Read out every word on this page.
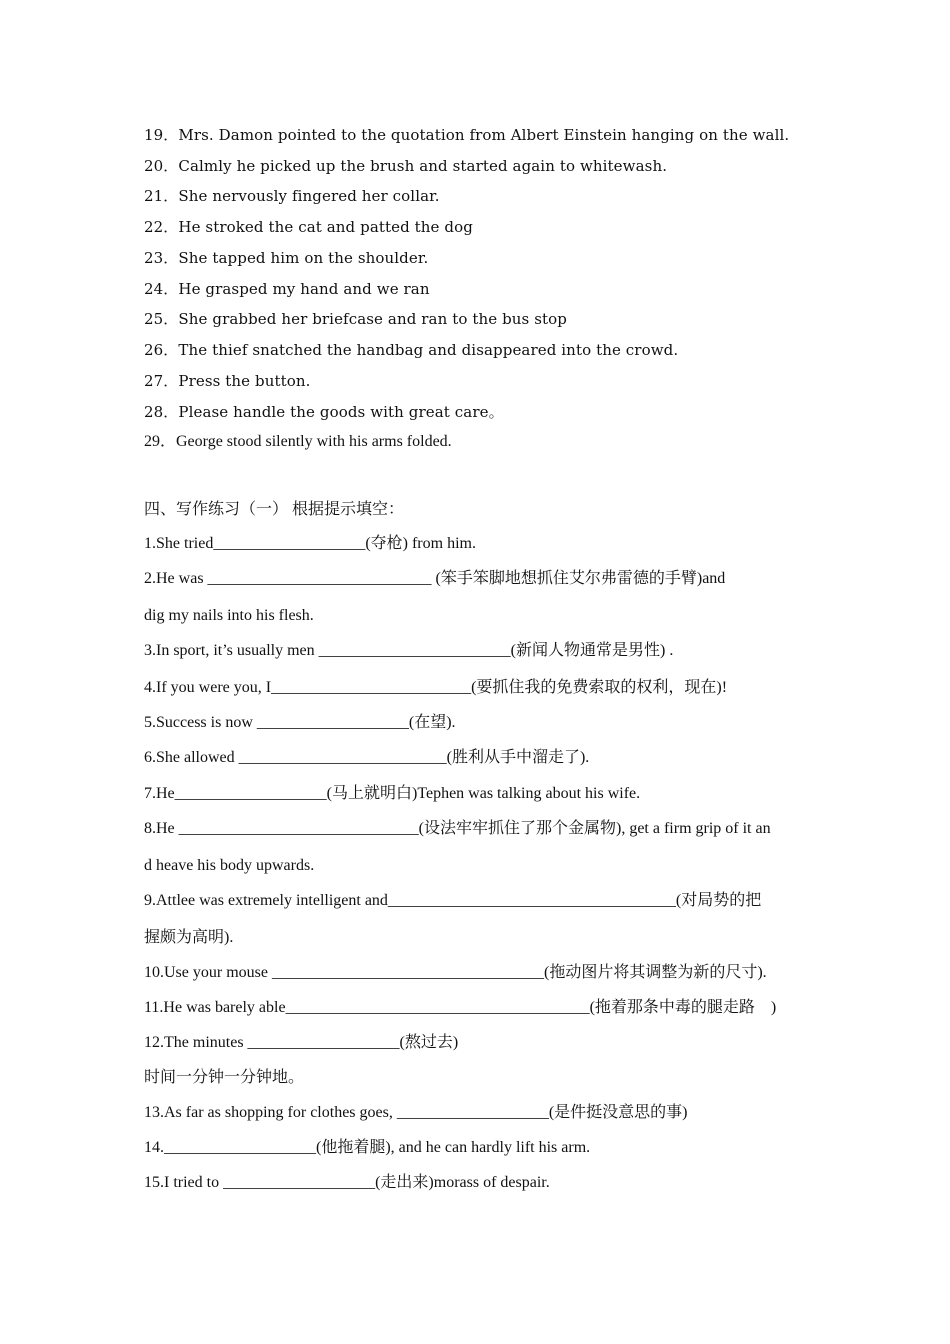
19．Mrs. Damon pointed to the quotation from Albert Einstein hanging on the wall.
20．Calmly he picked up the brush and started again to whitewash.
21．She nervously fingered her collar.
22．He stroked the cat and patted the dog
23．She tapped him on the shoulder.
24．He grasped my hand and we ran
25．She grabbed her briefcase and ran to the bus stop
26．The thief snatched the handbag and disappeared into the crowd.
27．Press the button.
28．Please handle the goods with great care。
29．George stood silently with his arms folded.
四、写作练习（一） 根据提示填空：
1.She tried___________________(夺枪) from him.
2.He was ____________________________ (笨手笨脚地想抓住艾尔弗雷德的手臂)and
dig my nails into his flesh.
3.In sport, it’s usually men ________________________(新闻人物通常是男性) .
4.If you were you, I_________________________(要抓住我的免费索取的权利，现在)!
5.Success is now ___________________(在望).
6.She allowed __________________________(胜利从手中溜走了).
7.He___________________(马上就明白)Tephen was talking about his wife.
8.He ______________________________(设法牢牢抓住了那个金属物), get a firm grip of it an
d heave his body upwards.
9.Attlee was extremely intelligent and____________________________________(对局势的把
握颇为高明).
10.Use your mouse __________________________________(拖动图片将其调整为新的尺寸).
11.He was barely able______________________________________(拖着那条中毒的腿走路　)
12.The minutes ___________________(熬过去)
时间一分钟一分钟地。
13.As far as shopping for clothes goes, ___________________(是件挺没意思的事)
14.___________________(他拖着腿), and he can hardly lift his arm.
15.I tried to ___________________(走出来)morass of despair.
